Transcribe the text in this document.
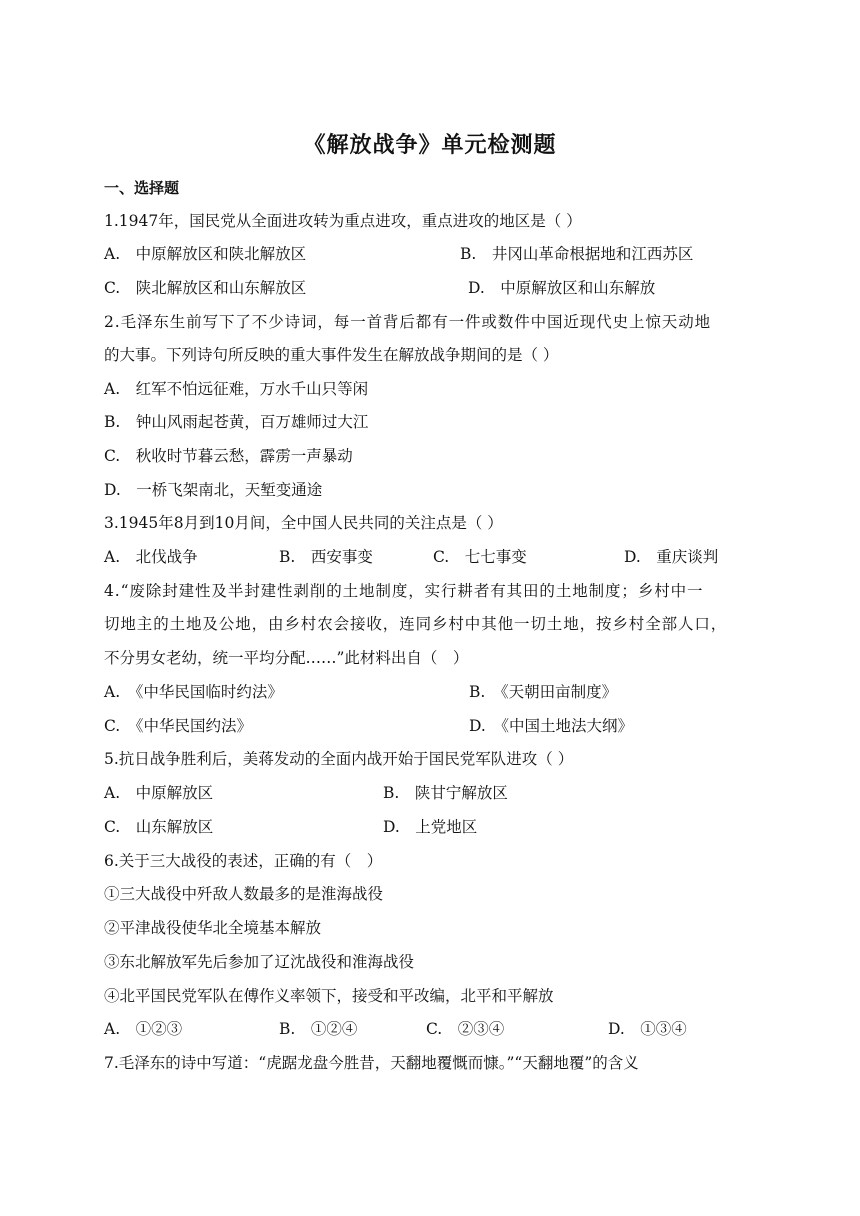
《解放战争》单元检测题
一、选择题
1.1947年，国民党从全面进攻转为重点进攻，重点进攻的地区是（ ）
A.　中原解放区和陕北解放区	B.　井冈山革命根据地和江西苏区
C.　陕北解放区和山东解放区	D.　中原解放区和山东解放
2.毛泽东生前写下了不少诗词，每一首背后都有一件或数件中国近现代史上惊天动地
的大事。下列诗句所反映的重大事件发生在解放战争期间的是（ ）
A.　红军不怕远征难，万水千山只等闲
B.　钟山风雨起苍黄，百万雄师过大江
C.　秋收时节暮云愁，霹雳一声暴动
D.　一桥飞架南北，天堑变通途
3.1945年8月到10月间，全中国人民共同的关注点是（ ）
A.　北伐战争	B.　西安事变	C.　七七事变	D.　重庆谈判
4.“废除封建性及半封建性剥削的土地制度，实行耕者有其田的土地制度；乡村中一
切地主的土地及公地，由乡村农会接收，连同乡村中其他一切土地，按乡村全部人口，
不分男女老幼，统一平均分配……”此材料出自（　）
A.　《中华民国临时约法》	B.　《天朝田亩制度》
C.　《中华民国约法》	D.　《中国土地法大纲》
5.抗日战争胜利后，美蒋发动的全面内战开始于国民党军队进攻（ ）
A.　中原解放区	B.　陕甘宁解放区
C.　山东解放区	D.　上党地区
6.关于三大战役的表述，正确的有（　）
①三大战役中歼敌人数最多的是淮海战役
②平津战役使华北全境基本解放
③东北解放军先后参加了辽沈战役和淮海战役
④北平国民党军队在傅作义率领下，接受和平改编，北平和平解放
A.　①②③	B.　①②④	C.　②③④	D.　①③④
7.毛泽东的诗中写道：“虎踞龙盘今胜昔，天翻地覆慨而慷。”“天翻地覆”的含义
